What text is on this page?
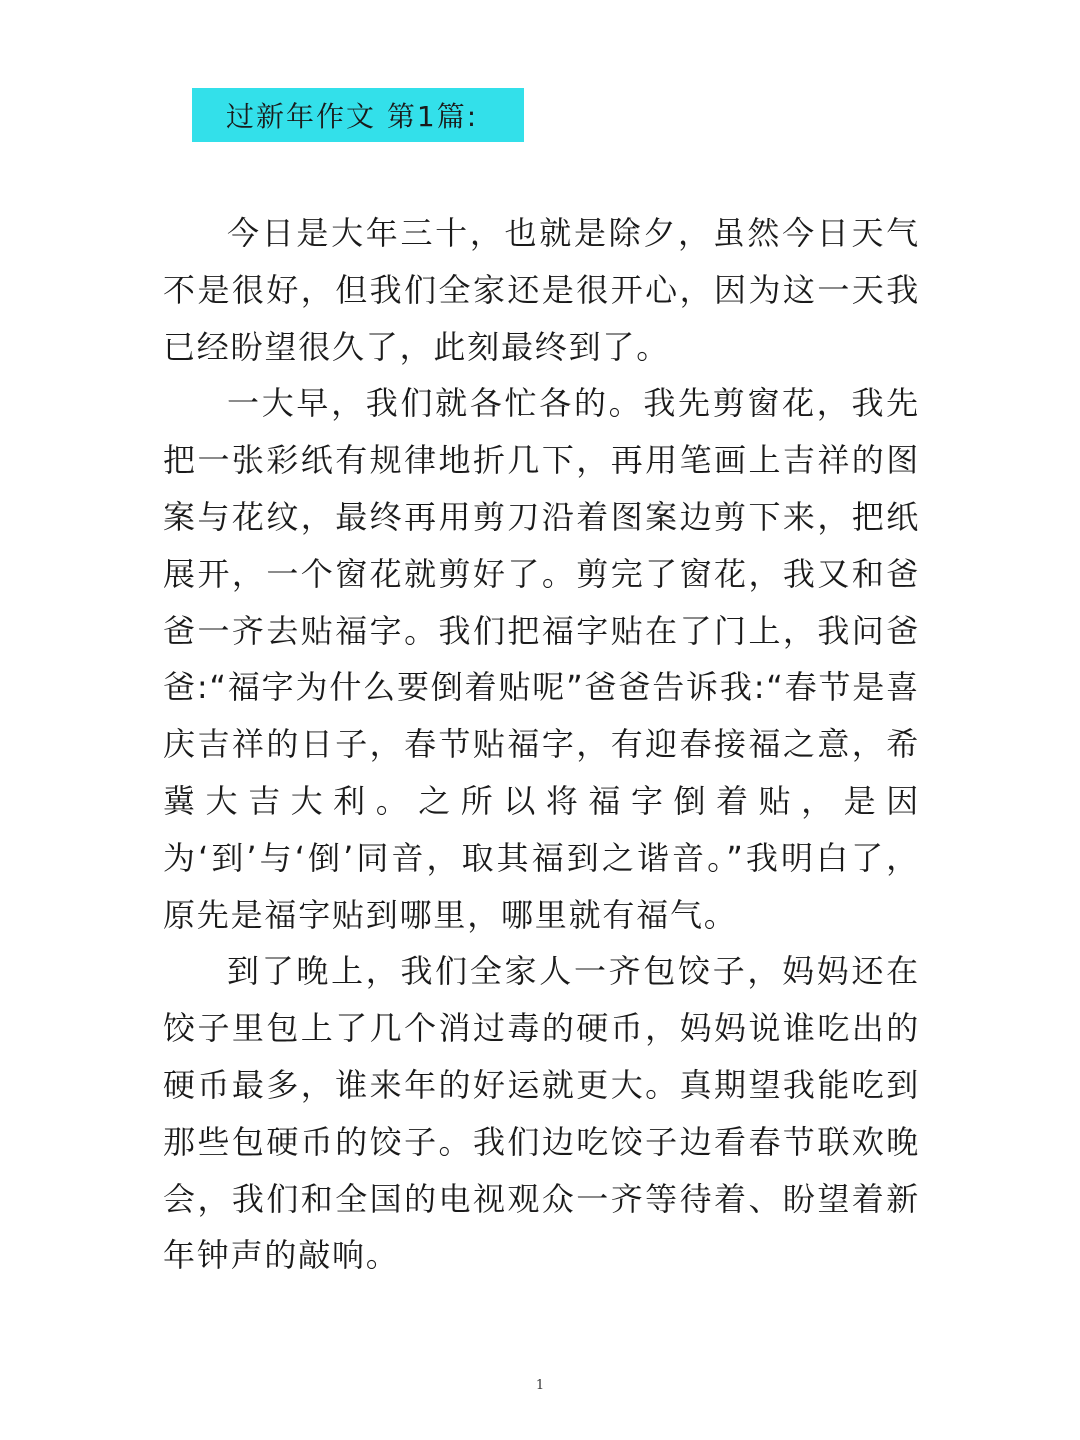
过新年作文 第1篇:

今日是大年三十，也就是除夕，虽然今日天气不是很好，但我们全家还是很开心，因为这一天我已经盼望很久了，此刻最终到了。

一大早，我们就各忙各的。我先剪窗花，我先把一张彩纸有规律地折几下，再用笔画上吉祥的图案与花纹，最终再用剪刀沿着图案边剪下来，把纸展开，一个窗花就剪好了。剪完了窗花，我又和爸爸一齐去贴福字。我们把福字贴在了门上，我问爸爸:“福字为什么要倒着贴呢”爸爸告诉我:“春节是喜庆吉祥的日子，春节贴福字，有迎春接福之意，希冀大吉大利。之所以将福字倒着贴，是因为‘到’与‘倒’同音，取其福到之谐音。”我明白了，原先是福字贴到哪里，哪里就有福气。

到了晚上，我们全家人一齐包饺子，妈妈还在饺子里包上了几个消过毒的硬币，妈妈说谁吃出的硬币最多，谁来年的好运就更大。真期望我能吃到那些包硬币的饺子。我们边吃饺子边看春节联欢晚会，我们和全国的电视观众一齐等待着、盼望着新年钟声的敲响。

1
